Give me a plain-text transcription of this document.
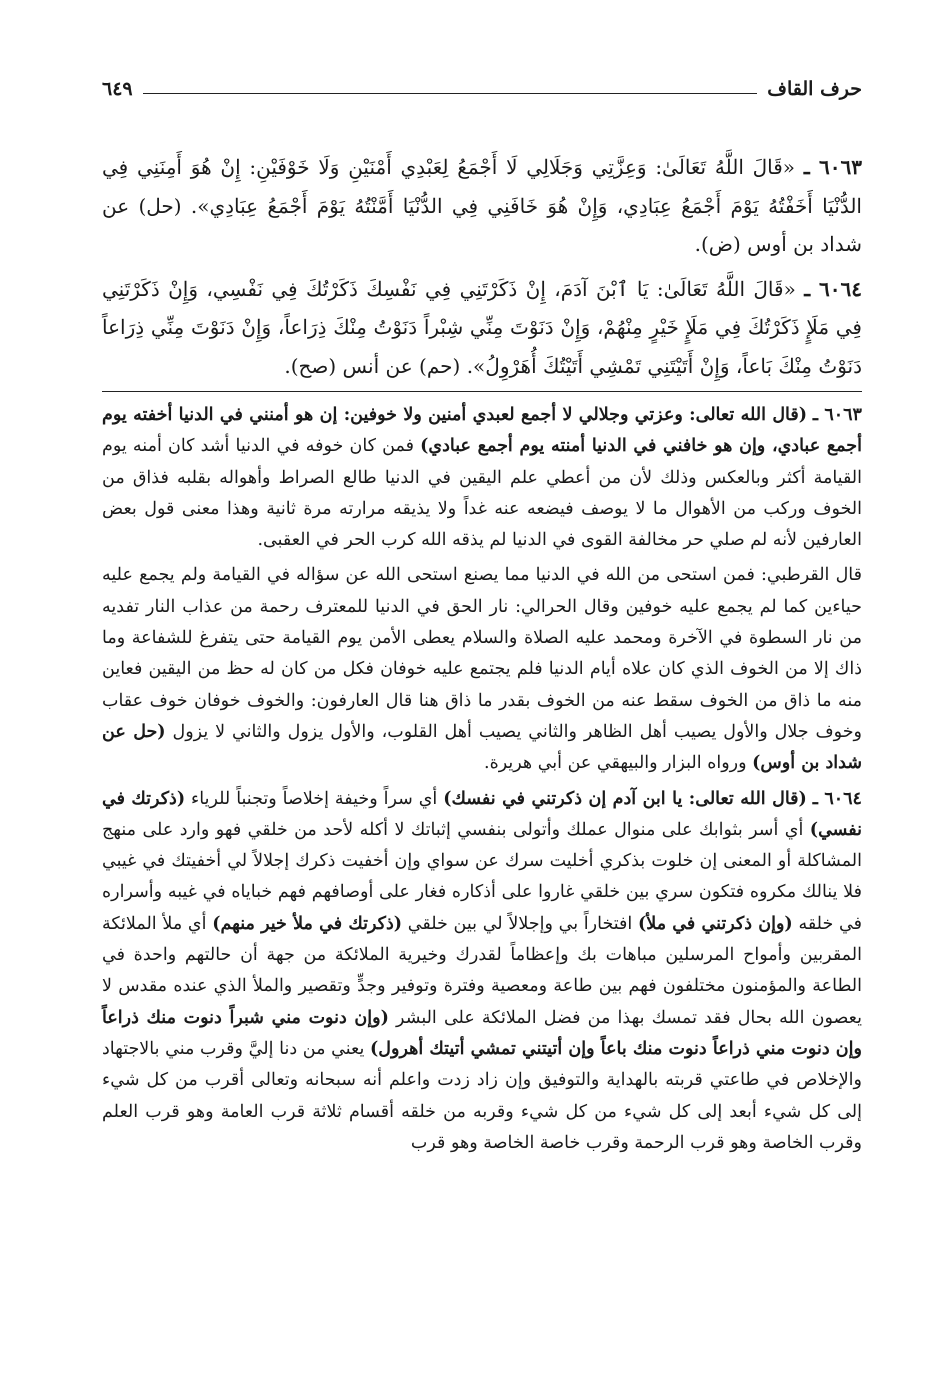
حرف القاف
٦٤٩

٦٠٦٣ ـ «قَالَ اللَّهُ تَعَالَىٰ: وَعِزَّتِي وَجَلَالِي لَا أَجْمَعُ لِعَبْدِي أَمْنَيْنِ وَلَا خَوْفَيْنِ: إِنْ هُوَ أَمِنَنِي فِي الدُّنْيَا أَخَفْتُهُ يَوْمَ أَجْمَعُ عِبَادِي، وَإِنْ هُوَ خَافَنِي فِي الدُّنْيَا أَمَّنْتُهُ يَوْمَ أَجْمَعُ عِبَادِي». (حل) عن شداد بن أوس (ض).

٦٠٦٤ ـ «قَالَ اللَّهُ تَعَالَىٰ: يَا ٱبْنَ آدَمَ، إِنْ ذَكَرْتَنِي فِي نَفْسِكَ ذَكَرْتُكَ فِي نَفْسِي، وَإِنْ ذَكَرْتَنِي فِي مَلَإٍ ذَكَرْتُكَ فِي مَلَإٍ خَيْرٍ مِنْهُمْ، وَإِنْ دَنَوْتَ مِنِّي شِبْراً دَنَوْتُ مِنْكَ ذِرَاعاً، وَإِنْ دَنَوْتَ مِنِّي ذِرَاعاً دَنَوْتُ مِنْكَ بَاعاً، وَإِنْ أَتَيْتَنِي تَمْشِي أَتَيْتُكَ أُهَرْوِلُ». (حم) عن أنس (صح).

٦٠٦٣ ـ (قال الله تعالى: وعزتي وجلالي لا أجمع لعبدي أمنين ولا خوفين: إن هو أمنني في الدنيا أخفته يوم أجمع عبادي، وإن هو خافني في الدنيا أمنته يوم أجمع عبادي) فمن كان خوفه في الدنيا أشد كان أمنه يوم القيامة أكثر وبالعكس وذلك لأن من أعطي علم اليقين في الدنيا طالع الصراط وأهواله بقلبه فذاق من الخوف وركب من الأهوال ما لا يوصف فيضعه عنه غداً ولا يذيقه مرارته مرة ثانية وهذا معنى قول بعض العارفين لأنه لم صلي حر مخالفة القوى في الدنيا لم يذقه الله كرب الحر في العقبى.

قال القرطبي: فمن استحى من الله في الدنيا مما يصنع استحى الله عن سؤاله في القيامة ولم يجمع عليه حياءين كما لم يجمع عليه خوفين وقال الحرالي: نار الحق في الدنيا للمعترف رحمة من عذاب النار تفديه من نار السطوة في الآخرة ومحمد عليه الصلاة والسلام يعطى الأمن يوم القيامة حتى يتفرغ للشفاعة وما ذاك إلا من الخوف الذي كان علاه أيام الدنيا فلم يجتمع عليه خوفان فكل من كان له حظ من اليقين فعاين منه ما ذاق من الخوف سقط عنه من الخوف بقدر ما ذاق هنا قال العارفون: والخوف خوفان خوف عقاب وخوف جلال والأول يصيب أهل الظاهر والثاني يصيب أهل القلوب، والأول يزول والثاني لا يزول (حل عن شداد بن أوس) ورواه البزار والبيهقي عن أبي هريرة.

٦٠٦٤ ـ (قال الله تعالى: يا ابن آدم إن ذكرتني في نفسك) أي سراً وخيفة إخلاصاً وتجنباً للرياء (ذكرتك في نفسي) أي أسر بثوابك على منوال عملك وأتولى بنفسي إثباتك لا أكله لأحد من خلقي فهو وارد على منهج المشاكلة أو المعنى إن خلوت بذكري أخليت سرك عن سواي وإن أخفيت ذكرك إجلالاً لي أخفيتك في غيبي فلا ينالك مكروه فتكون سري بين خلقي غاروا على أذكاره فغار على أوصافهم فهم خباياه في غيبه وأسراره في خلقه (وإن ذكرتني في ملأ) افتخاراً بي وإجلالاً لي بين خلقي (ذكرتك في ملأ خير منهم) أي ملأ الملائكة المقربين وأمواح المرسلين مباهات بك وإعظاماً لقدرك وخيرية الملائكة من جهة أن حالتهم واحدة في الطاعة والمؤمنون مختلفون فهم بين طاعة ومعصية وفترة وتوفير وجدٍّ وتقصير والملأ الذي عنده مقدس لا يعصون الله بحال فقد تمسك بهذا من فضل الملائكة على البشر (وإن دنوت مني شبراً دنوت منك ذراعاً وإن دنوت مني ذراعاً دنوت منك باعاً وإن أتيتني تمشي أتيتك أهرول) يعني من دنا إليَّ وقرب مني بالاجتهاد والإخلاص في طاعتي قربته بالهداية والتوفيق وإن زاد زدت واعلم أنه سبحانه وتعالى أقرب من كل شيء إلى كل شيء أبعد إلى كل شيء من كل شيء وقربه من خلقه أقسام ثلاثة قرب العامة وهو قرب العلم وقرب الخاصة وهو قرب الرحمة وقرب خاصة الخاصة وهو قرب
